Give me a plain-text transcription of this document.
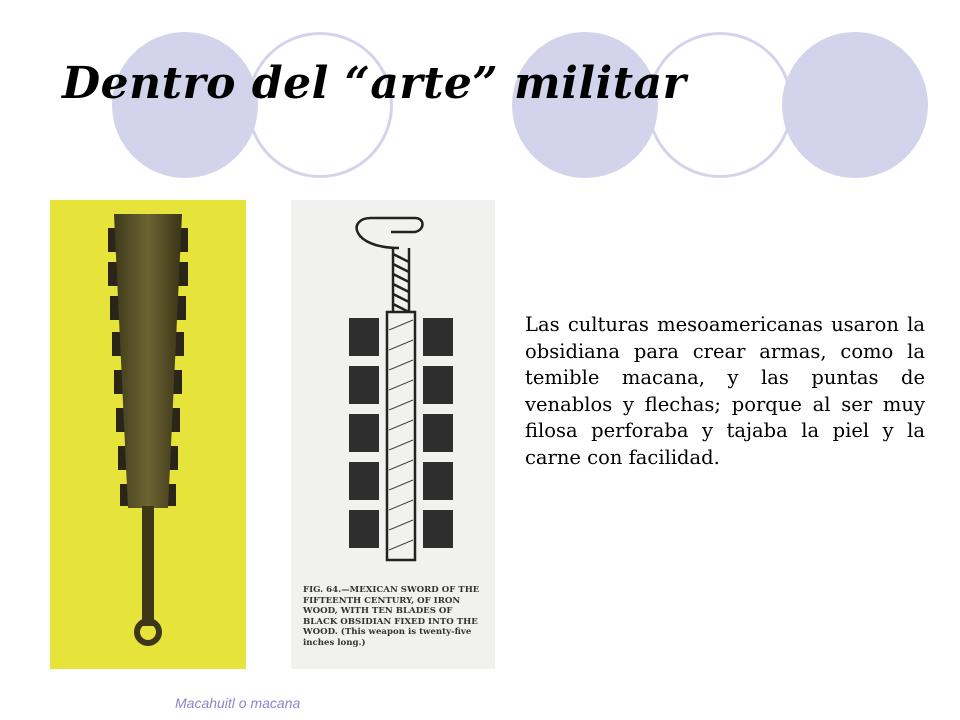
Dentro del “arte” militar
FIG. 64.—MEXICAN SWORD OF THE FIFTEENTH CENTURY, OF IRON WOOD, WITH TEN BLADES OF BLACK OBSIDIAN FIXED INTO THE WOOD. (This weapon is twenty-five inches long.)

Las culturas mesoamericanas usaron la obsidiana para crear armas, como la temible macana, y las puntas de venablos y flechas; porque al ser muy filosa perforaba y tajaba la piel y la carne con facilidad.

Macahuitl o macana
